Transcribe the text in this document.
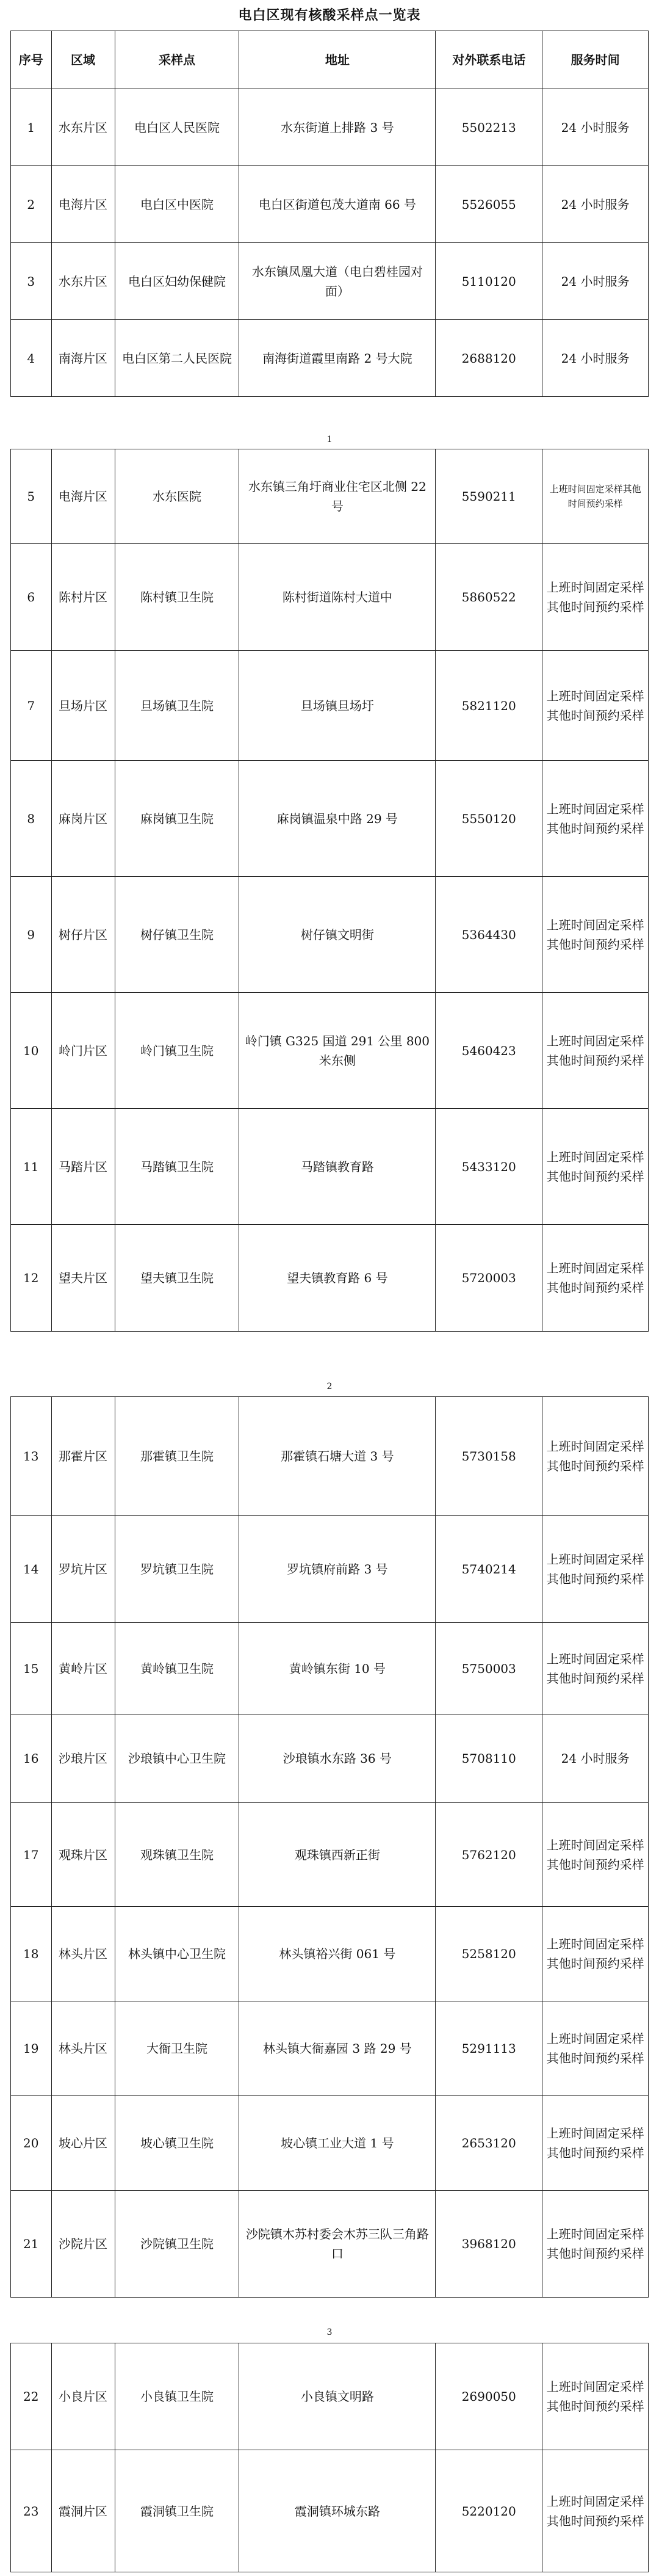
电白区现有核酸采样点一览表
序号	区域	采样点	地址	对外联系电话	服务时间
1	水东片区	电白区人民医院	水东街道上排路 3 号	5502213	24 小时服务
2	电海片区	电白区中医院	电白区街道包茂大道南 66 号	5526055	24 小时服务
3	水东片区	电白区妇幼保健院	水东镇凤凰大道（电白碧桂园对面）	5110120	24 小时服务
4	南海片区	电白区第二人民医院	南海街道霞里南路 2 号大院	2688120	24 小时服务
1
5	电海片区	水东医院	水东镇三角圩商业住宅区北侧 22 号	5590211	上班时间固定采样其他时间预约采样
6	陈村片区	陈村镇卫生院	陈村街道陈村大道中	5860522	上班时间固定采样其他时间预约采样
7	旦场片区	旦场镇卫生院	旦场镇旦场圩	5821120	上班时间固定采样其他时间预约采样
8	麻岗片区	麻岗镇卫生院	麻岗镇温泉中路 29 号	5550120	上班时间固定采样其他时间预约采样
9	树仔片区	树仔镇卫生院	树仔镇文明街	5364430	上班时间固定采样其他时间预约采样
10	岭门片区	岭门镇卫生院	岭门镇 G325 国道 291 公里 800 米东侧	5460423	上班时间固定采样其他时间预约采样
11	马踏片区	马踏镇卫生院	马踏镇教育路	5433120	上班时间固定采样其他时间预约采样
12	望夫片区	望夫镇卫生院	望夫镇教育路 6 号	5720003	上班时间固定采样其他时间预约采样
2
13	那霍片区	那霍镇卫生院	那霍镇石塘大道 3 号	5730158	上班时间固定采样其他时间预约采样
14	罗坑片区	罗坑镇卫生院	罗坑镇府前路 3 号	5740214	上班时间固定采样其他时间预约采样
15	黄岭片区	黄岭镇卫生院	黄岭镇东街 10 号	5750003	上班时间固定采样其他时间预约采样
16	沙琅片区	沙琅镇中心卫生院	沙琅镇水东路 36 号	5708110	24 小时服务
17	观珠片区	观珠镇卫生院	观珠镇西新正街	5762120	上班时间固定采样其他时间预约采样
18	林头片区	林头镇中心卫生院	林头镇裕兴街 061 号	5258120	上班时间固定采样其他时间预约采样
19	林头片区	大衙卫生院	林头镇大衙嘉园 3 路 29 号	5291113	上班时间固定采样其他时间预约采样
20	坡心片区	坡心镇卫生院	坡心镇工业大道 1 号	2653120	上班时间固定采样其他时间预约采样
21	沙院片区	沙院镇卫生院	沙院镇木苏村委会木苏三队三角路口	3968120	上班时间固定采样其他时间预约采样
3
22	小良片区	小良镇卫生院	小良镇文明路	2690050	上班时间固定采样其他时间预约采样
23	霞洞片区	霞洞镇卫生院	霞洞镇环城东路	5220120	上班时间固定采样其他时间预约采样
